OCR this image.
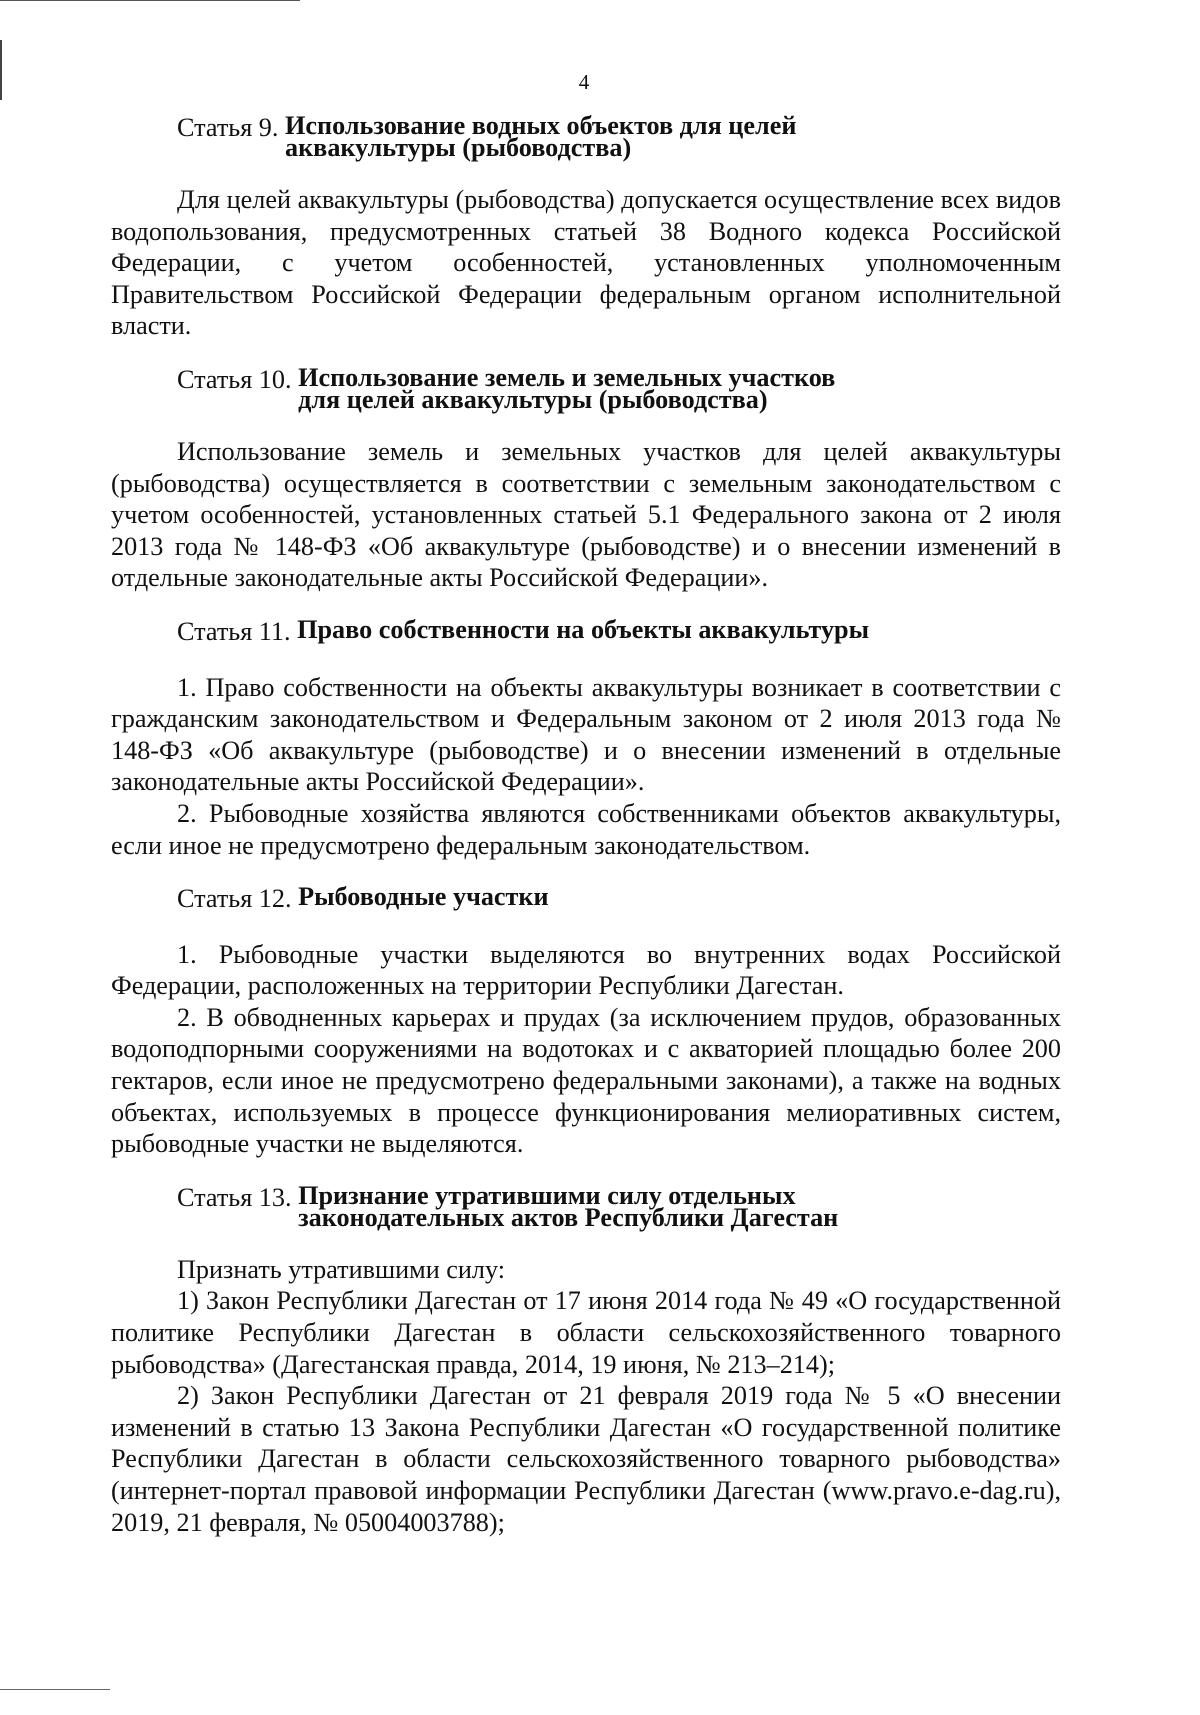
4
Статья 9. Использование водных объектов для целей
аквакультуры (рыбоводства)

Для целей аквакультуры (рыбоводства) допускается осуществление всех видов водопользования, предусмотренных статьей 38 Водного кодекса Российской Федерации, с учетом особенностей, установленных уполномоченным Правительством Российской Федерации федеральным органом исполнительной власти.

Статья 10. Использование земель и земельных участков
для целей аквакультуры (рыбоводства)

Использование земель и земельных участков для целей аквакультуры (рыбоводства) осуществляется в соответствии с земельным законодательством с учетом особенностей, установленных статьей 5.1 Федерального закона от 2 июля 2013 года № 148-ФЗ «Об аквакультуре (рыбоводстве) и о внесении изменений в отдельные законодательные акты Российской Федерации».

Статья 11. Право собственности на объекты аквакультуры

1. Право собственности на объекты аквакультуры возникает в соответствии с гражданским законодательством и Федеральным законом от 2 июля 2013 года № 148-ФЗ «Об аквакультуре (рыбоводстве) и о внесении изменений в отдельные законодательные акты Российской Федерации».

2. Рыбоводные хозяйства являются собственниками объектов аквакультуры, если иное не предусмотрено федеральным законодательством.

Статья 12. Рыбоводные участки

1. Рыбоводные участки выделяются во внутренних водах Российской Федерации, расположенных на территории Республики Дагестан.

2. В обводненных карьерах и прудах (за исключением прудов, образованных водоподпорными сооружениями на водотоках и с акваторией площадью более 200 гектаров, если иное не предусмотрено федеральными законами), а также на водных объектах, используемых в процессе функционирования мелиоративных систем, рыбоводные участки не выделяются.

Статья 13. Признание утратившими силу отдельных
законодательных актов Республики Дагестан

Признать утратившими силу:

1) Закон Республики Дагестан от 17 июня 2014 года № 49 «О государственной политике Республики Дагестан в области сельскохозяйственного товарного рыбоводства» (Дагестанская правда, 2014, 19 июня, № 213–214);

2) Закон Республики Дагестан от 21 февраля 2019 года № 5 «О внесении изменений в статью 13 Закона Республики Дагестан «О государственной политике Республики Дагестан в области сельскохозяйственного товарного рыбоводства» (интернет-портал правовой информации Республики Дагестан (www.pravo.e-dag.ru), 2019, 21 февраля, № 05004003788);
